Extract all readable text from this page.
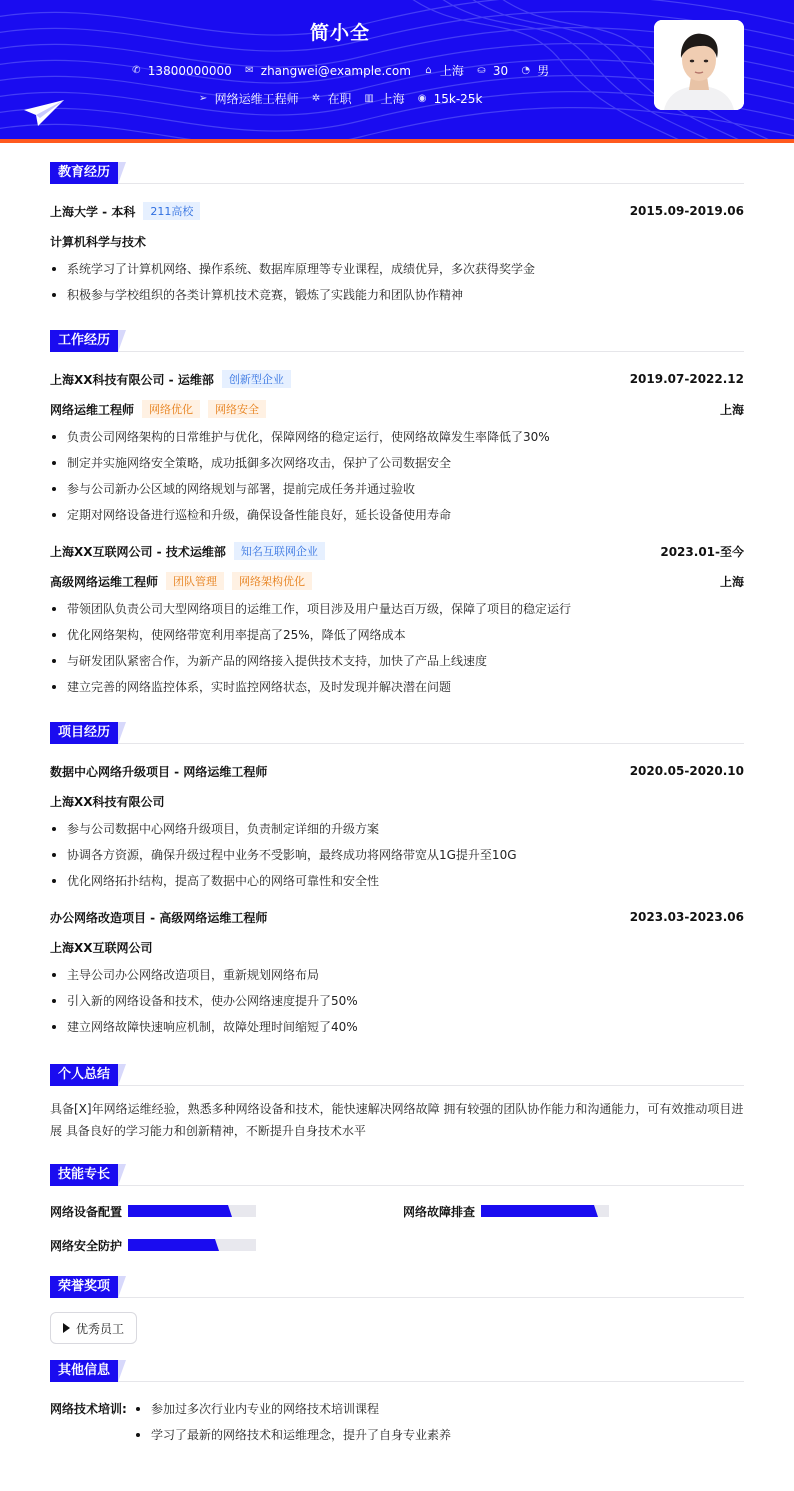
简小全
✆ 13800000000 ✉ zhangwei@example.com ⌂ 上海 ⛀ 30 ◔ 男
➢ 网络运维工程师 ✲ 在职 ▥ 上海 ◉ 15k-25k
教育经历
上海大学 - 本科	211高校	2015.09-2019.06
计算机科学与技术
系统学习了计算机网络、操作系统、数据库原理等专业课程，成绩优异，多次获得奖学金
积极参与学校组织的各类计算机技术竞赛，锻炼了实践能力和团队协作精神
工作经历
上海XX科技有限公司 - 运维部	创新型企业	2019.07-2022.12
网络运维工程师	网络优化	网络安全	上海
负责公司网络架构的日常维护与优化，保障网络的稳定运行，使网络故障发生率降低了30%
制定并实施网络安全策略，成功抵御多次网络攻击，保护了公司数据安全
参与公司新办公区域的网络规划与部署，提前完成任务并通过验收
定期对网络设备进行巡检和升级，确保设备性能良好，延长设备使用寿命
上海XX互联网公司 - 技术运维部	知名互联网企业	2023.01-至今
高级网络运维工程师	团队管理	网络架构优化	上海
带领团队负责公司大型网络项目的运维工作，项目涉及用户量达百万级，保障了项目的稳定运行
优化网络架构，使网络带宽利用率提高了25%，降低了网络成本
与研发团队紧密合作，为新产品的网络接入提供技术支持，加快了产品上线速度
建立完善的网络监控体系，实时监控网络状态，及时发现并解决潜在问题
项目经历
数据中心网络升级项目 - 网络运维工程师	2020.05-2020.10
上海XX科技有限公司
参与公司数据中心网络升级项目，负责制定详细的升级方案
协调各方资源，确保升级过程中业务不受影响，最终成功将网络带宽从1G提升至10G
优化网络拓扑结构，提高了数据中心的网络可靠性和安全性
办公网络改造项目 - 高级网络运维工程师	2023.03-2023.06
上海XX互联网公司
主导公司办公网络改造项目，重新规划网络布局
引入新的网络设备和技术，使办公网络速度提升了50%
建立网络故障快速响应机制，故障处理时间缩短了40%
个人总结
具备[X]年网络运维经验，熟悉多种网络设备和技术，能快速解决网络故障 拥有较强的团队协作能力和沟通能力，可有效推动项目进展 具备良好的学习能力和创新精神，不断提升自身技术水平
技能专长
网络设备配置	网络故障排查
网络安全防护
荣誉奖项
优秀员工
其他信息
网络技术培训:	参加过多次行业内专业的网络技术培训课程
学习了最新的网络技术和运维理念，提升了自身专业素养
